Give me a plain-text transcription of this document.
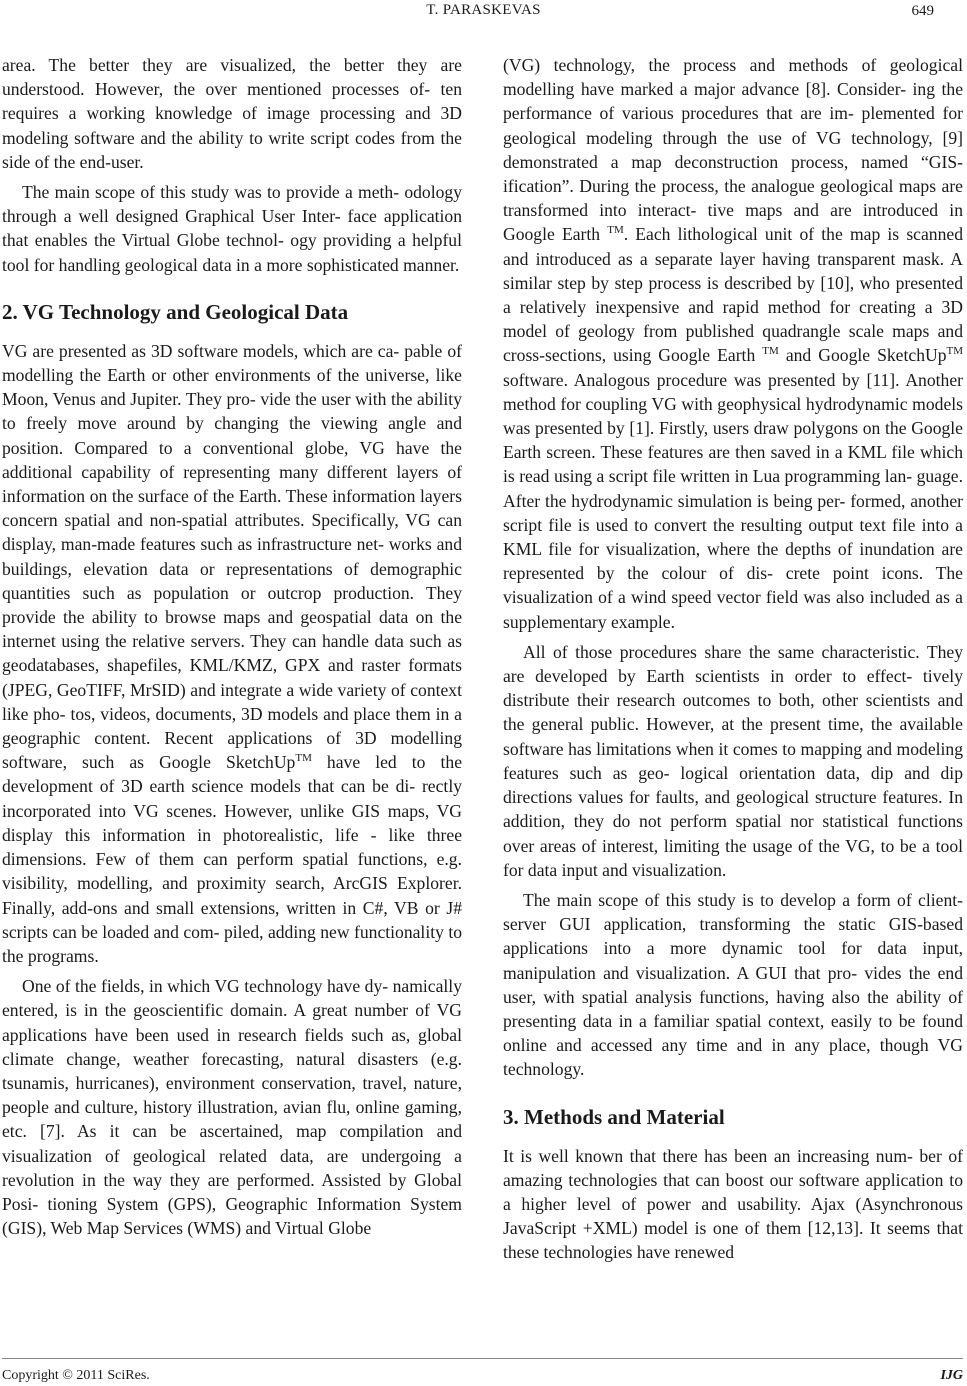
T. PARASKEVAS	649

area. The better they are visualized, the better they are understood. However, the over mentioned processes of- ten requires a working knowledge of image processing and 3D modeling software and the ability to write script codes from the side of the end-user.

The main scope of this study was to provide a meth- odology through a well designed Graphical User Inter- face application that enables the Virtual Globe technol- ogy providing a helpful tool for handling geological data in a more sophisticated manner.

2. VG Technology and Geological Data

VG are presented as 3D software models, which are ca- pable of modelling the Earth or other environments of the universe, like Moon, Venus and Jupiter. They pro- vide the user with the ability to freely move around by changing the viewing angle and position. Compared to a conventional globe, VG have the additional capability of representing many different layers of information on the surface of the Earth. These information layers concern spatial and non-spatial attributes. Specifically, VG can display, man-made features such as infrastructure net- works and buildings, elevation data or representations of demographic quantities such as population or outcrop production. They provide the ability to browse maps and geospatial data on the internet using the relative servers. They can handle data such as geodatabases, shapefiles, KML/KMZ, GPX and raster formats (JPEG, GeoTIFF, MrSID) and integrate a wide variety of context like pho- tos, videos, documents, 3D models and place them in a geographic content. Recent applications of 3D modelling software, such as Google SketchUp™ have led to the development of 3D earth science models that can be di- rectly incorporated into VG scenes. However, unlike GIS maps, VG display this information in photorealistic, life - like three dimensions. Few of them can perform spatial functions, e.g. visibility, modelling, and proximity search, ArcGIS Explorer. Finally, add-ons and small extensions, written in C#, VB or J# scripts can be loaded and com- piled, adding new functionality to the programs.

One of the fields, in which VG technology have dy- namically entered, is in the geoscientific domain. A great number of VG applications have been used in research fields such as, global climate change, weather forecasting, natural disasters (e.g. tsunamis, hurricanes), environment conservation, travel, nature, people and culture, history illustration, avian flu, online gaming, etc. [7]. As it can be ascertained, map compilation and visualization of geological related data, are undergoing a revolution in the way they are performed. Assisted by Global Posi- tioning System (GPS), Geographic Information System (GIS), Web Map Services (WMS) and Virtual Globe

(VG) technology, the process and methods of geological modelling have marked a major advance [8]. Consider- ing the performance of various procedures that are im- plemented for geological modeling through the use of VG technology, [9] demonstrated a map deconstruction process, named “GIS-ification”. During the process, the analogue geological maps are transformed into interact- tive maps and are introduced in Google Earth ™. Each lithological unit of the map is scanned and introduced as a separate layer having transparent mask. A similar step by step process is described by [10], who presented a relatively inexpensive and rapid method for creating a 3D model of geology from published quadrangle scale maps and cross-sections, using Google Earth ™ and Google SketchUp™ software. Analogous procedure was presented by [11]. Another method for coupling VG with geophysical hydrodynamic models was presented by [1]. Firstly, users draw polygons on the Google Earth screen. These features are then saved in a KML file which is read using a script file written in Lua programming lan- guage. After the hydrodynamic simulation is being per- formed, another script file is used to convert the resulting output text file into a KML file for visualization, where the depths of inundation are represented by the colour of dis- crete point icons. The visualization of a wind speed vector field was also included as a supplementary example.

All of those procedures share the same characteristic. They are developed by Earth scientists in order to effect- tively distribute their research outcomes to both, other scientists and the general public. However, at the present time, the available software has limitations when it comes to mapping and modeling features such as geo- logical orientation data, dip and dip directions values for faults, and geological structure features. In addition, they do not perform spatial nor statistical functions over areas of interest, limiting the usage of the VG, to be a tool for data input and visualization.

The main scope of this study is to develop a form of client-server GUI application, transforming the static GIS-based applications into a more dynamic tool for data input, manipulation and visualization. A GUI that pro- vides the end user, with spatial analysis functions, having also the ability of presenting data in a familiar spatial context, easily to be found online and accessed any time and in any place, though VG technology.

3. Methods and Material

It is well known that there has been an increasing num- ber of amazing technologies that can boost our software application to a higher level of power and usability. Ajax (Asynchronous JavaScript +XML) model is one of them [12,13]. It seems that these technologies have renewed

Copyright © 2011 SciRes.	IJG
